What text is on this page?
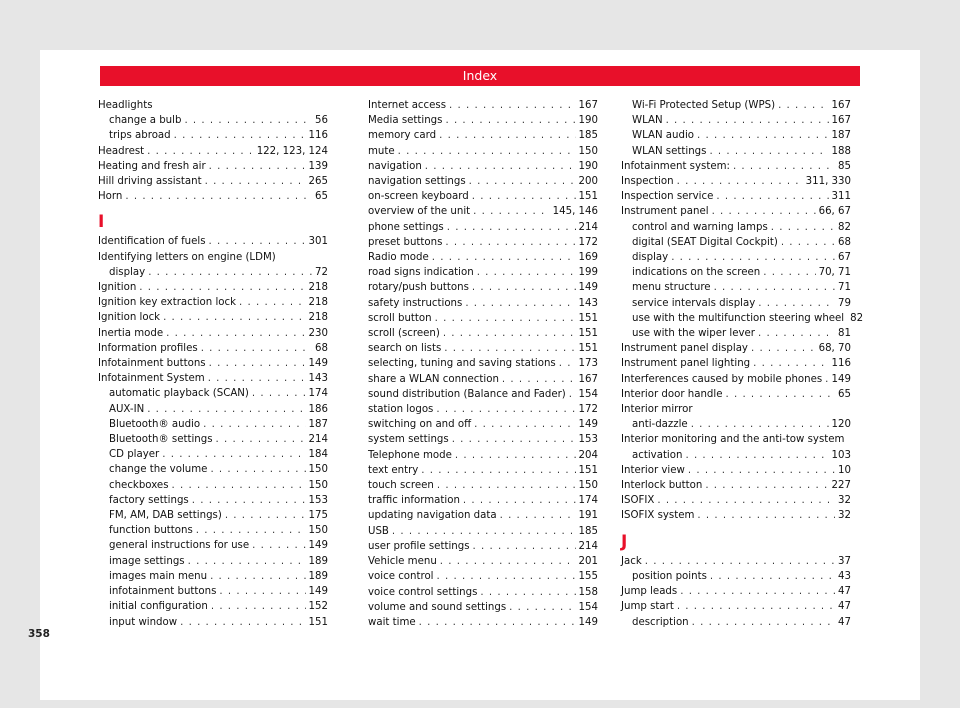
Index
Headlights
change a bulb . . .	56
trips abroad . . .	116
Headrest . . .	122, 123, 124
Heating and fresh air . . .	139
Hill driving assistant . . .	265
Horn . . .	65
I
Identification of fuels . . .	301
Identifying letters on engine (LDM)
display . . .	72
Ignition . . .	218
Ignition key extraction lock . . .	218
Ignition lock . . .	218
Inertia mode . . .	230
Information profiles . . .	68
Infotainment buttons . . .	149
Infotainment System . . .	143
automatic playback (SCAN) . . .	174
AUX-IN . . .	186
Bluetooth® audio . . .	187
Bluetooth® settings . . .	214
CD player . . .	184
change the volume . . .	150
checkboxes . . .	150
factory settings . . .	153
FM, AM, DAB settings) . . .	175
function buttons . . .	150
general instructions for use . . .	149
image settings . . .	189
images main menu . . .	189
infotainment buttons . . .	149
initial configuration . . .	152
input window . . .	151
Internet access . . .	167
Media settings . . .	190
memory card . . .	185
mute . . .	150
navigation . . .	190
navigation settings . . .	200
on-screen keyboard . . .	151
overview of the unit . . .	145, 146
phone settings . . .	214
preset buttons . . .	172
Radio mode . . .	169
road signs indication . . .	199
rotary/push buttons . . .	149
safety instructions . . .	143
scroll button . . .	151
scroll (screen) . . .	151
search on lists . . .	151
selecting, tuning and saving stations . . . 173
share a WLAN connection . . .	167
sound distribution (Balance and Fader) . . . 154
station logos . . .	172
switching on and off . . .	149
system settings . . .	153
Telephone mode . . .	204
text entry . . .	151
touch screen . . .	150
traffic information . . .	174
updating navigation data . . .	191
USB . . .	185
user profile settings . . .	214
Vehicle menu . . .	201
voice control . . .	155
voice control settings . . .	158
volume and sound settings . . .	154
wait time . . .	149
Wi-Fi Protected Setup (WPS) . . .	167
WLAN . . .	167
WLAN audio . . .	187
WLAN settings . . .	188
Infotainment system: . . .	85
Inspection . . .	311, 330
Inspection service . . .	311
Instrument panel . . .	66, 67
control and warning lamps . . .	82
digital (SEAT Digital Cockpit) . . .	68
display . . .	67
indications on the screen . . .	70, 71
menu structure . . .	71
service intervals display . . .	79
use with the multifunction steering wheel 82
use with the wiper lever . . .	81
Instrument panel display . . .	68, 70
Instrument panel lighting . . .	116
Interferences caused by mobile phones . . . 149
Interior door handle . . .	65
Interior mirror
anti-dazzle . . .	120
Interior monitoring and the anti-tow system
activation . . .	103
Interior view . . .	10
Interlock button . . .	227
ISOFIX . . .	32
ISOFIX system . . .	32
J
Jack . . .	37
position points . . .	43
Jump leads . . .	47
Jump start . . .	47
description . . .	47
358
